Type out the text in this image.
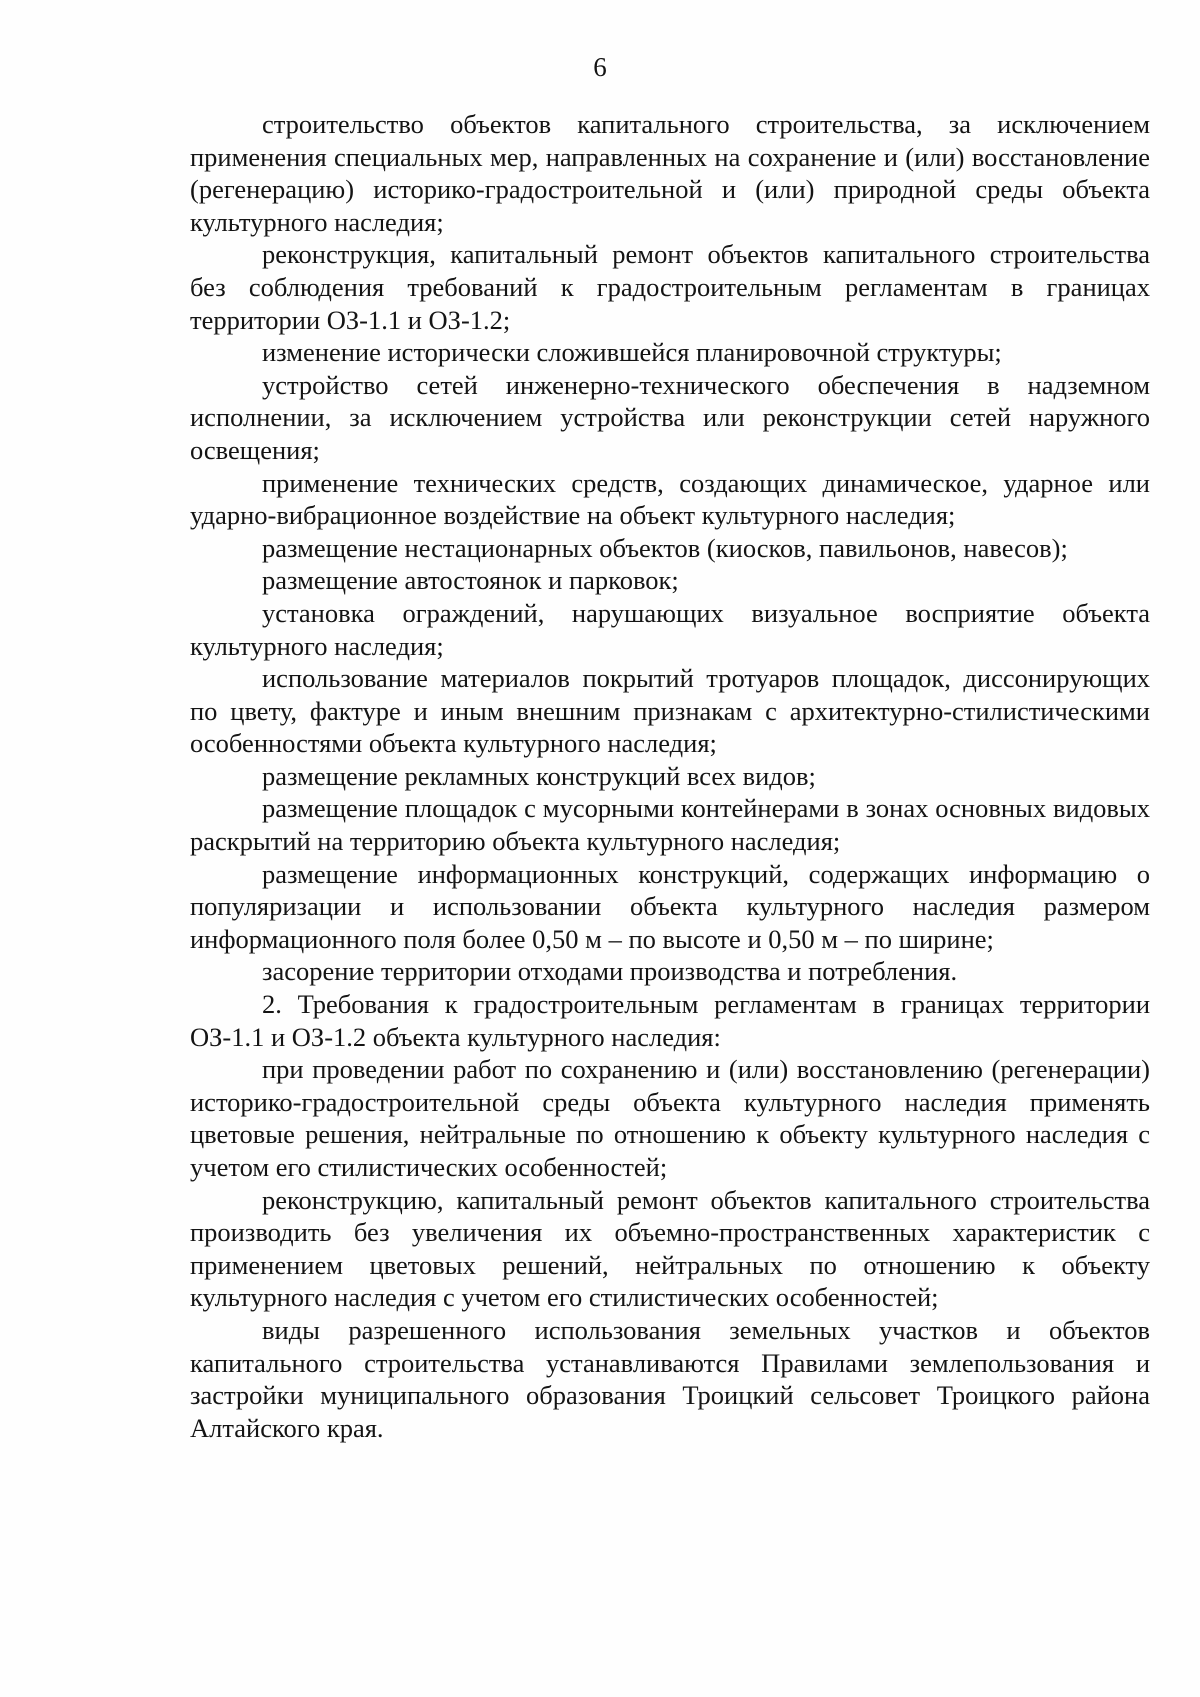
6

строительство объектов капитального строительства, за исключением применения специальных мер, направленных на сохранение и (или) восстановление (регенерацию) историко-градостроительной и (или) природной среды объекта культурного наследия;

реконструкция, капитальный ремонт объектов капитального строительства без соблюдения требований к градостроительным регламентам в границах территории ОЗ-1.1 и ОЗ-1.2;

изменение исторически сложившейся планировочной структуры;

устройство сетей инженерно-технического обеспечения в надземном исполнении, за исключением устройства или реконструкции сетей наружного освещения;

применение технических средств, создающих динамическое, ударное или ударно-вибрационное воздействие на объект культурного наследия;

размещение нестационарных объектов (киосков, павильонов, навесов);

размещение автостоянок и парковок;

установка ограждений, нарушающих визуальное восприятие объекта культурного наследия;

использование материалов покрытий тротуаров площадок, диссонирующих по цвету, фактуре и иным внешним признакам с архитектурно-стилистическими особенностями объекта культурного наследия;

размещение рекламных конструкций всех видов;

размещение площадок с мусорными контейнерами в зонах основных видовых раскрытий на территорию объекта культурного наследия;

размещение информационных конструкций, содержащих информацию о популяризации и использовании объекта культурного наследия размером информационного поля более 0,50 м – по высоте и 0,50 м – по ширине;

засорение территории отходами производства и потребления.

2. Требования к градостроительным регламентам в границах территории ОЗ-1.1 и ОЗ-1.2 объекта культурного наследия:

при проведении работ по сохранению и (или) восстановлению (регенерации) историко-градостроительной среды объекта культурного наследия применять цветовые решения, нейтральные по отношению к объекту культурного наследия с учетом его стилистических особенностей;

реконструкцию, капитальный ремонт объектов капитального строительства производить без увеличения их объемно-пространственных характеристик с применением цветовых решений, нейтральных по отношению к объекту культурного наследия с учетом его стилистических особенностей;

виды разрешенного использования земельных участков и объектов капитального строительства устанавливаются Правилами землепользования и застройки муниципального образования Троицкий сельсовет Троицкого района Алтайского края.
